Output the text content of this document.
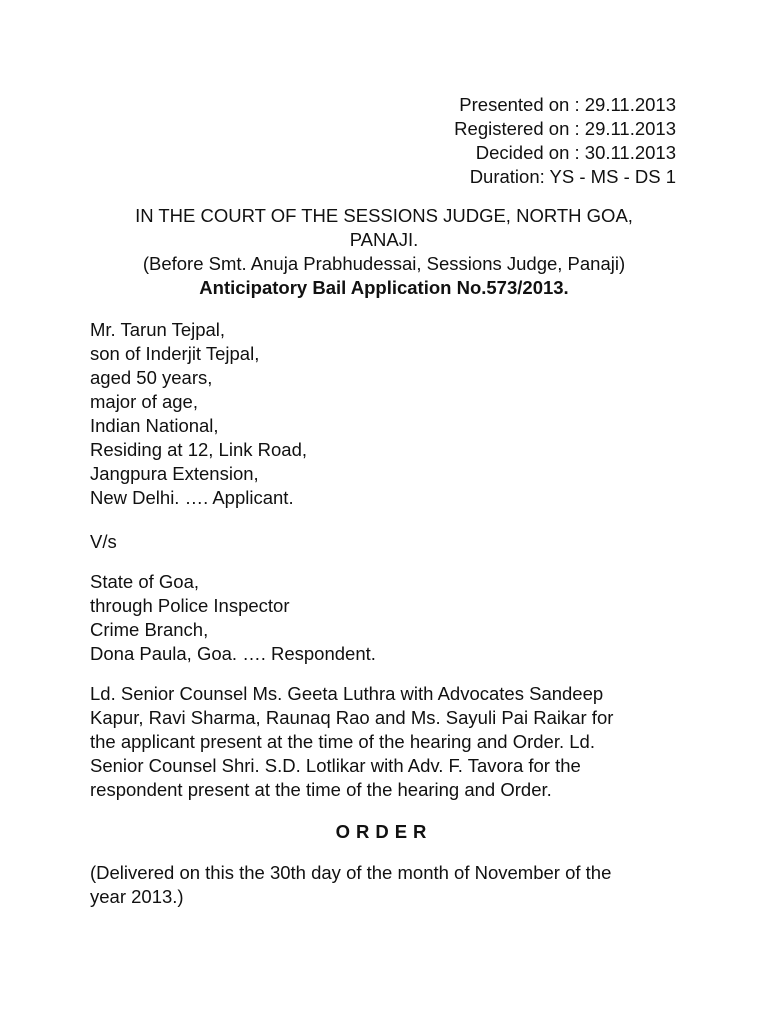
Presented on : 29.11.2013
Registered on : 29.11.2013
Decided on : 30.11.2013
Duration: YS - MS - DS 1
IN THE COURT OF THE SESSIONS JUDGE, NORTH GOA,
PANAJI.
(Before Smt. Anuja Prabhudessai, Sessions Judge, Panaji)
Anticipatory Bail Application No.573/2013.
Mr. Tarun Tejpal,
son of Inderjit Tejpal,
aged 50 years,
major of age,
Indian National,
Residing at 12, Link Road,
Jangpura Extension,
New Delhi. …. Applicant.
V/s
State of Goa,
through Police Inspector
Crime Branch,
Dona Paula, Goa. …. Respondent.
Ld. Senior Counsel Ms. Geeta Luthra with Advocates Sandeep
Kapur, Ravi Sharma, Raunaq Rao and Ms. Sayuli Pai Raikar for
the applicant present at the time of the hearing and Order. Ld.
Senior Counsel Shri. S.D. Lotlikar with Adv. F. Tavora for the
respondent present at the time of the hearing and Order.
ORDER
(Delivered on this the 30th day of the month of November of the
year 2013.)
